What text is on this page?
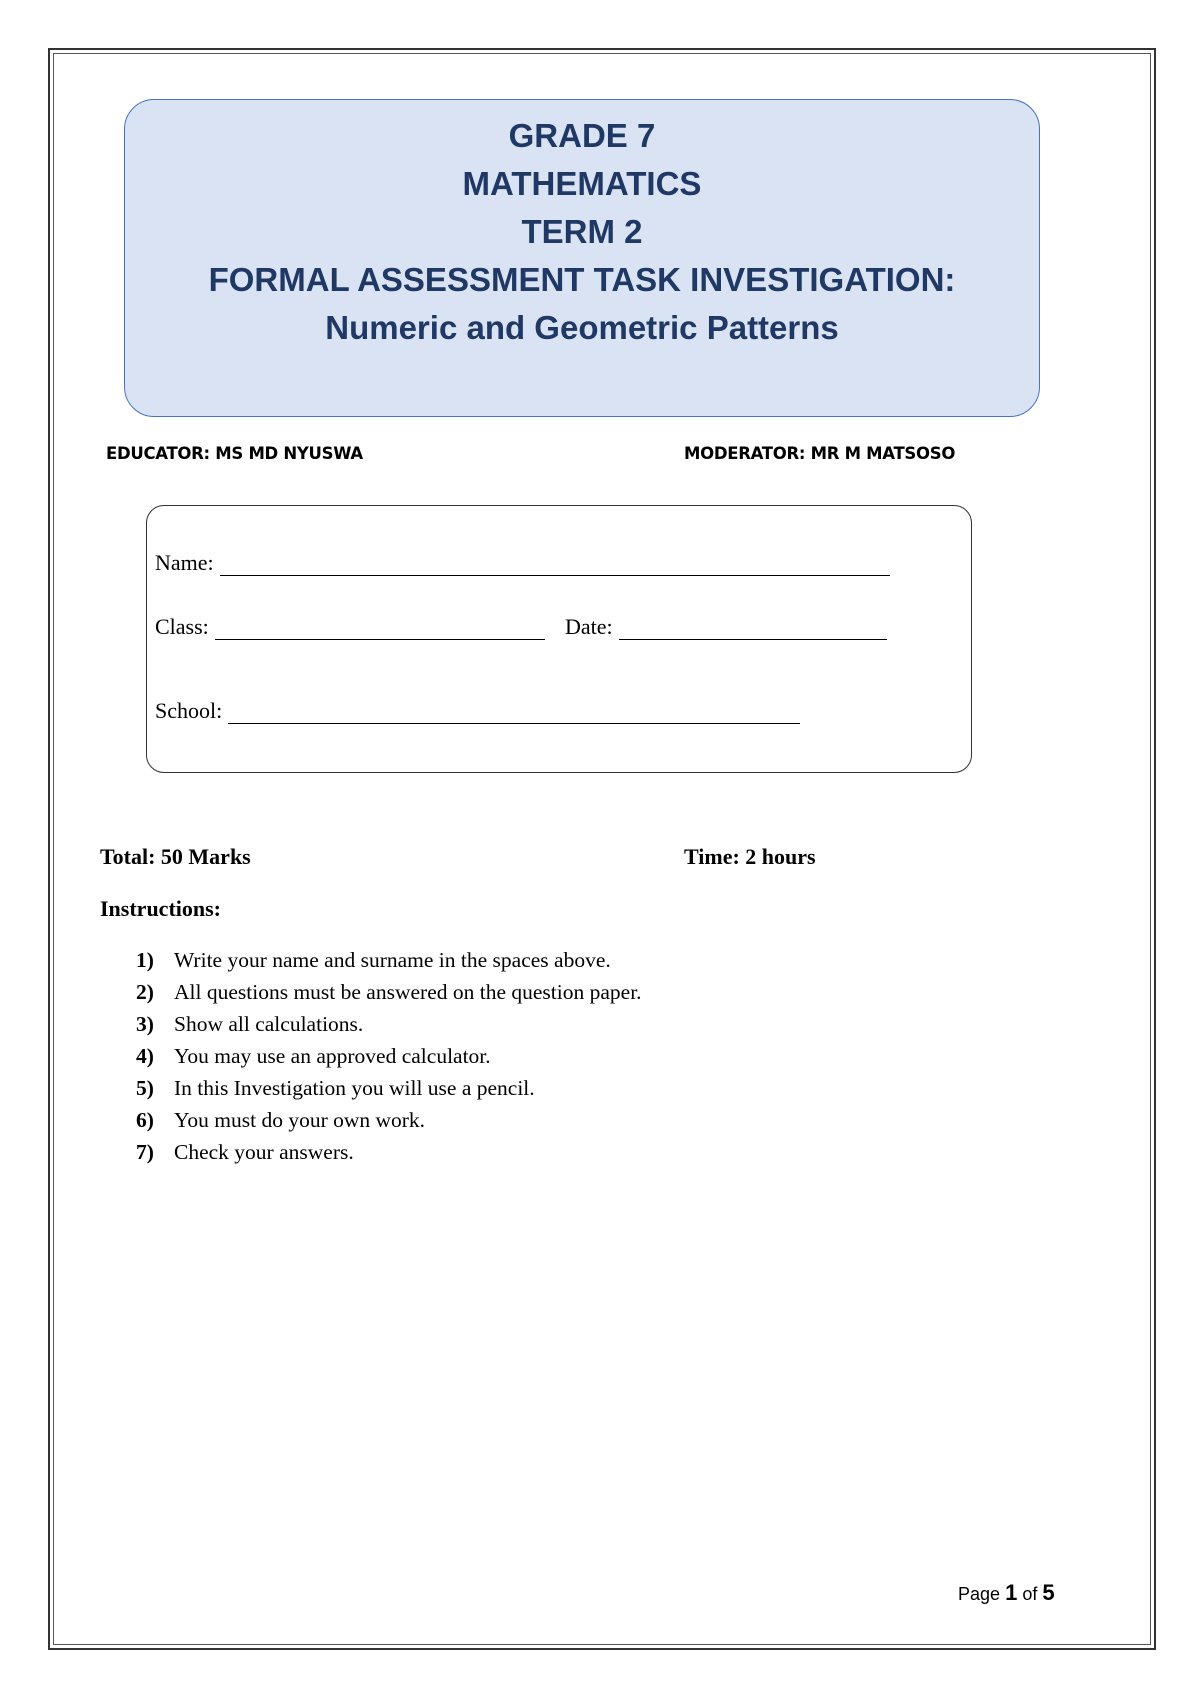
GRADE 7
MATHEMATICS
TERM 2
FORMAL ASSESSMENT TASK INVESTIGATION:
Numeric and Geometric Patterns
EDUCATOR: MS MD NYUSWA	MODERATOR: MR M MATSOSO
Name:
Class:	Date:
School:
Total: 50 Marks	Time: 2 hours
Instructions:
1) Write your name and surname in the spaces above.
2) All questions must be answered on the question paper.
3) Show all calculations.
4) You may use an approved calculator.
5) In this Investigation you will use a pencil.
6) You must do your own work.
7) Check your answers.
Page 1 of 5
